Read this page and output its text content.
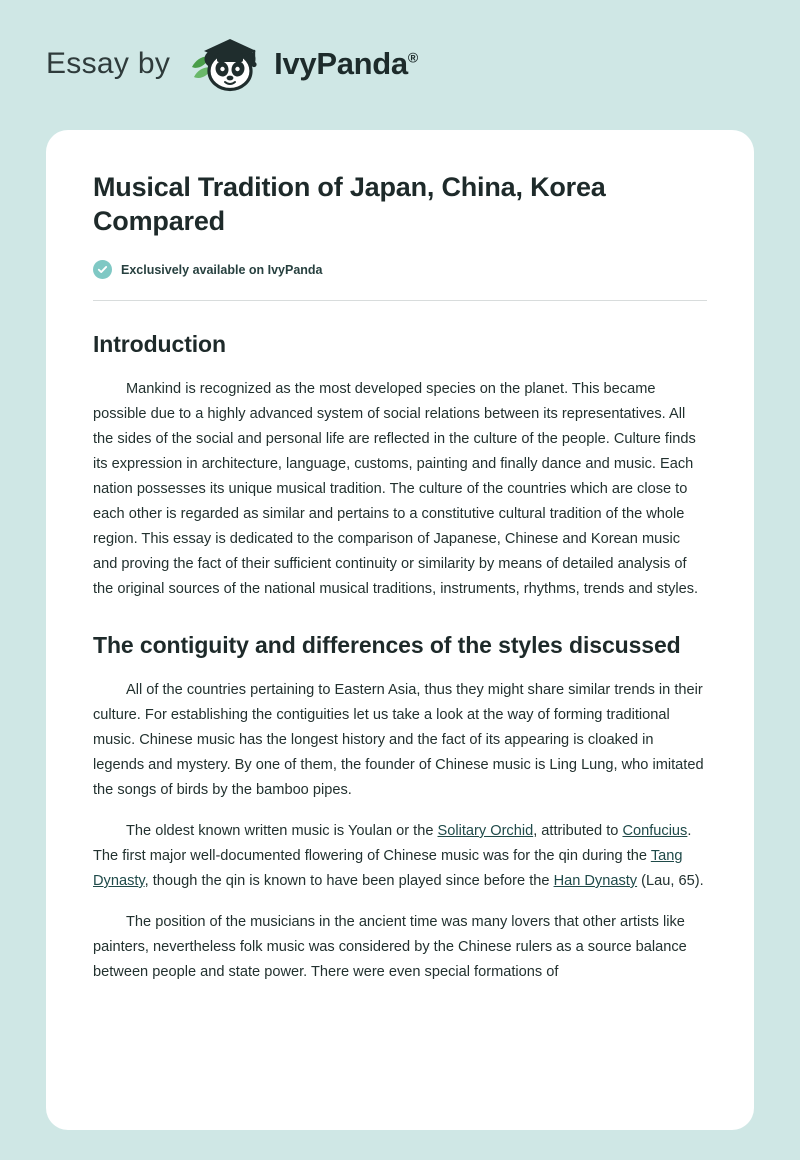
Essay by	IvyPanda®
Musical Tradition of Japan, China, Korea Compared
Exclusively available on IvyPanda
Introduction

Mankind is recognized as the most developed species on the planet. This became possible due to a highly advanced system of social relations between its representatives. All the sides of the social and personal life are reflected in the culture of the people. Culture finds its expression in architecture, language, customs, painting and finally dance and music. Each nation possesses its unique musical tradition. The culture of the countries which are close to each other is regarded as similar and pertains to a constitutive cultural tradition of the whole region. This essay is dedicated to the comparison of Japanese, Chinese and Korean music and proving the fact of their sufficient continuity or similarity by means of detailed analysis of the original sources of the national musical traditions, instruments, rhythms, trends and styles.

The contiguity and differences of the styles discussed

All of the countries pertaining to Eastern Asia, thus they might share similar trends in their culture. For establishing the contiguities let us take a look at the way of forming traditional music. Chinese music has the longest history and the fact of its appearing is cloaked in legends and mystery. By one of them, the founder of Chinese music is Ling Lung, who imitated the songs of birds by the bamboo pipes.

The oldest known written music is Youlan or the Solitary Orchid, attributed to Confucius. The first major well-documented flowering of Chinese music was for the qin during the Tang Dynasty, though the qin is known to have been played since before the Han Dynasty (Lau, 65).

The position of the musicians in the ancient time was many lovers that other artists like painters, nevertheless folk music was considered by the Chinese rulers as a source balance between people and state power. There were even special formations of
